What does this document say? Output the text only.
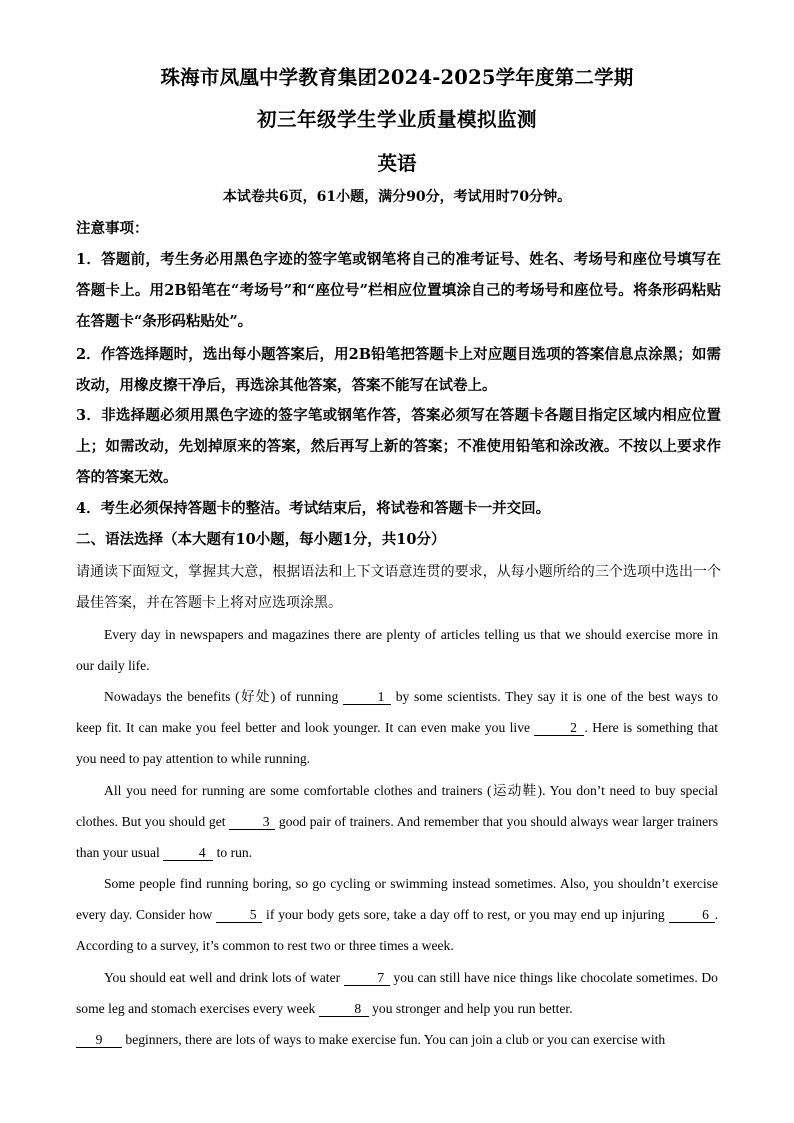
珠海市凤凰中学教育集团2024-2025学年度第二学期
初三年级学生学业质量模拟监测
英语
本试卷共6页，61小题，满分90分，考试用时70分钟。
注意事项：
1．答题前，考生务必用黑色字迹的签字笔或钢笔将自己的准考证号、姓名、考场号和座位号填写在答题卡上。用2B铅笔在“考场号”和“座位号”栏相应位置填涂自己的考场号和座位号。将条形码粘贴在答题卡“条形码粘贴处”。
2．作答选择题时，选出每小题答案后，用2B铅笔把答题卡上对应题目选项的答案信息点涂黑；如需改动，用橡皮擦干净后，再选涂其他答案，答案不能写在试卷上。
3．非选择题必须用黑色字迹的签字笔或钢笔作答，答案必须写在答题卡各题目指定区域内相应位置上；如需改动，先划掉原来的答案，然后再写上新的答案；不准使用铅笔和涂改液。不按以上要求作答的答案无效。
4．考生必须保持答题卡的整洁。考试结束后，将试卷和答题卡一并交回。
二、语法选择（本大题有10小题，每小题1分，共10分）
请通读下面短文，掌握其大意，根据语法和上下文语意连贯的要求，从每小题所给的三个选项中选出一个最佳答案，并在答题卡上将对应选项涂黑。
Every day in newspapers and magazines there are plenty of articles telling us that we should exercise more in our daily life.
Nowadays the benefits (好处) of running	1 by some scientists. They say it is one of the best ways to keep fit. It can make you feel better and look younger. It can even make you live	2 . Here is something that you need to pay attention to while running.
All you need for running are some comfortable clothes and trainers (运动鞋). You don’t need to buy special clothes. But you should get	3 good pair of trainers. And remember that you should always wear larger trainers than your usual	4 to run.
Some people find running boring, so go cycling or swimming instead sometimes. Also, you shouldn’t exercise every day. Consider how	5 if your body gets sore, take a day off to rest, or you may end up injuring	6 . According to a survey, it’s common to rest two or three times a week.
You should eat well and drink lots of water	7 you can still have nice things like chocolate sometimes. Do some leg and stomach exercises every week	8 you stronger and help you run better.
9 beginners, there are lots of ways to make exercise fun. You can join a club or you can exercise with
